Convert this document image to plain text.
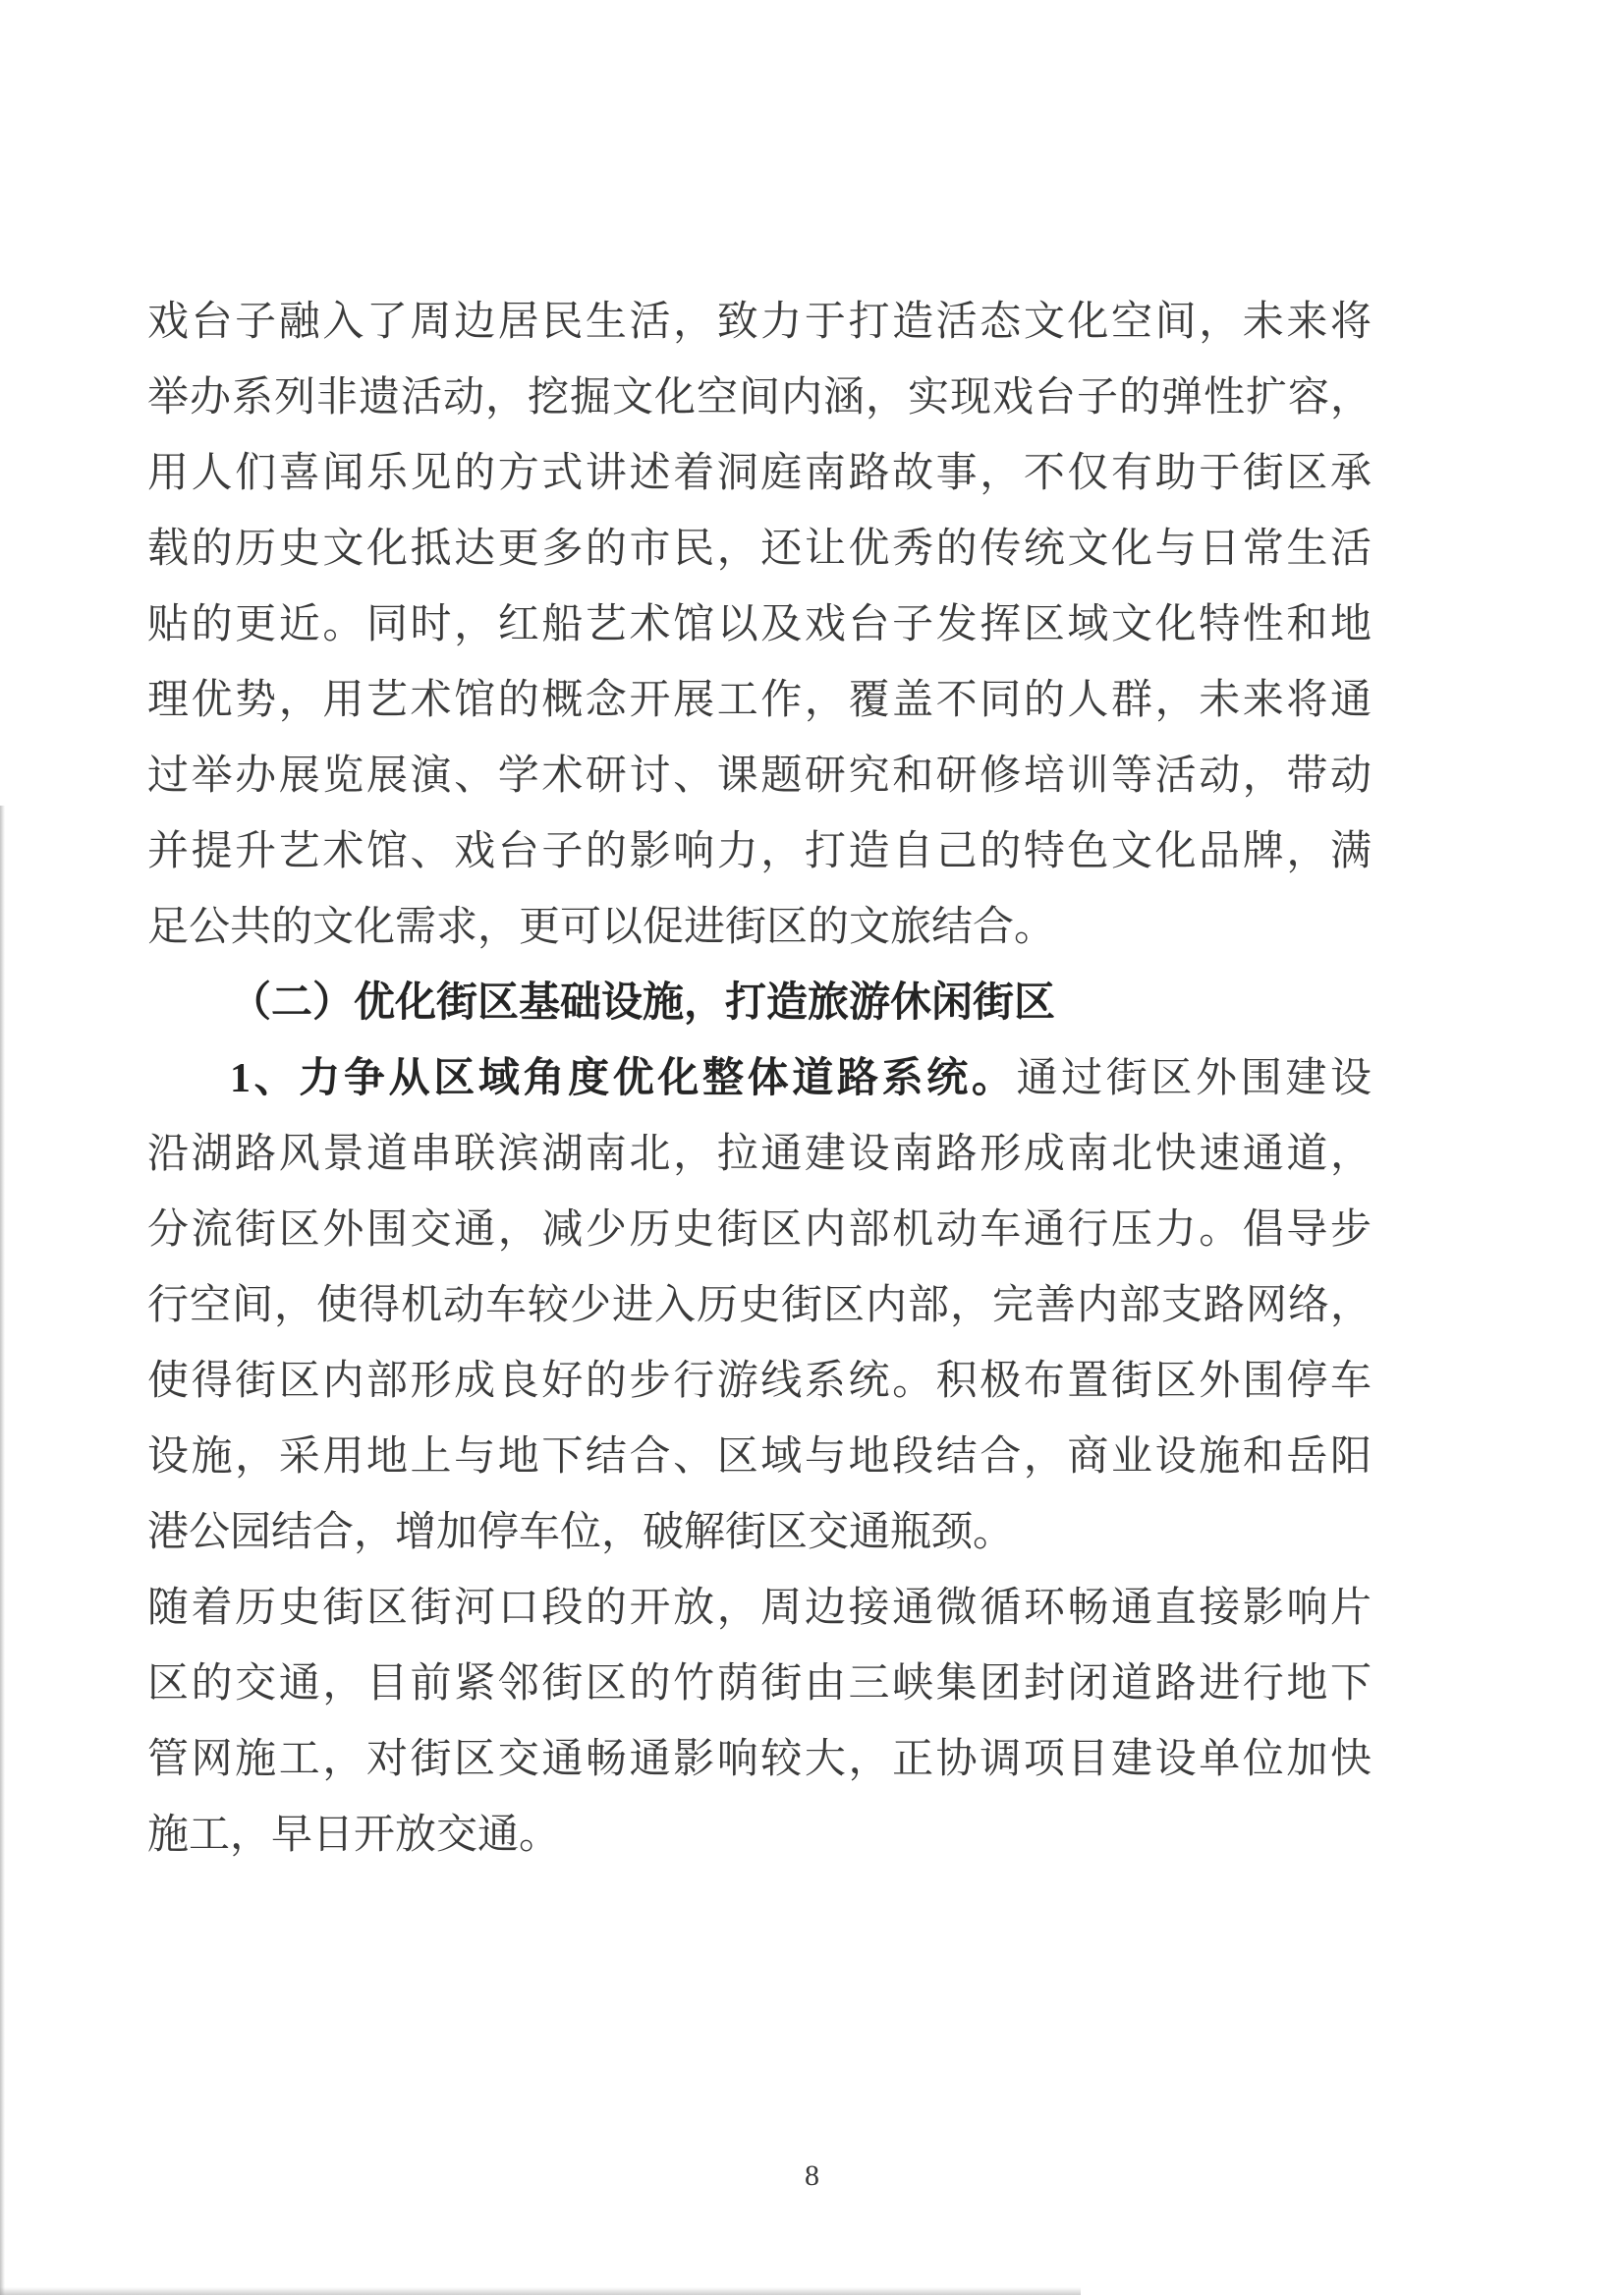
戏台子融入了周边居民生活，致力于打造活态文化空间，未来将
举办系列非遗活动，挖掘文化空间内涵，实现戏台子的弹性扩容，
用人们喜闻乐见的方式讲述着洞庭南路故事，不仅有助于街区承
载的历史文化抵达更多的市民，还让优秀的传统文化与日常生活
贴的更近。同时，红船艺术馆以及戏台子发挥区域文化特性和地
理优势，用艺术馆的概念开展工作，覆盖不同的人群，未来将通
过举办展览展演、学术研讨、课题研究和研修培训等活动，带动
并提升艺术馆、戏台子的影响力，打造自己的特色文化品牌，满
足公共的文化需求，更可以促进街区的文旅结合。
（二）优化街区基础设施，打造旅游休闲街区
1、力争从区域角度优化整体道路系统。通过街区外围建设
沿湖路风景道串联滨湖南北，拉通建设南路形成南北快速通道，
分流街区外围交通，减少历史街区内部机动车通行压力。倡导步
行空间，使得机动车较少进入历史街区内部，完善内部支路网络，
使得街区内部形成良好的步行游线系统。积极布置街区外围停车
设施，采用地上与地下结合、区域与地段结合，商业设施和岳阳
港公园结合，增加停车位，破解街区交通瓶颈。
随着历史街区街河口段的开放，周边接通微循环畅通直接影响片
区的交通，目前紧邻街区的竹荫街由三峡集团封闭道路进行地下
管网施工，对街区交通畅通影响较大，正协调项目建设单位加快
施工，早日开放交通。
8
